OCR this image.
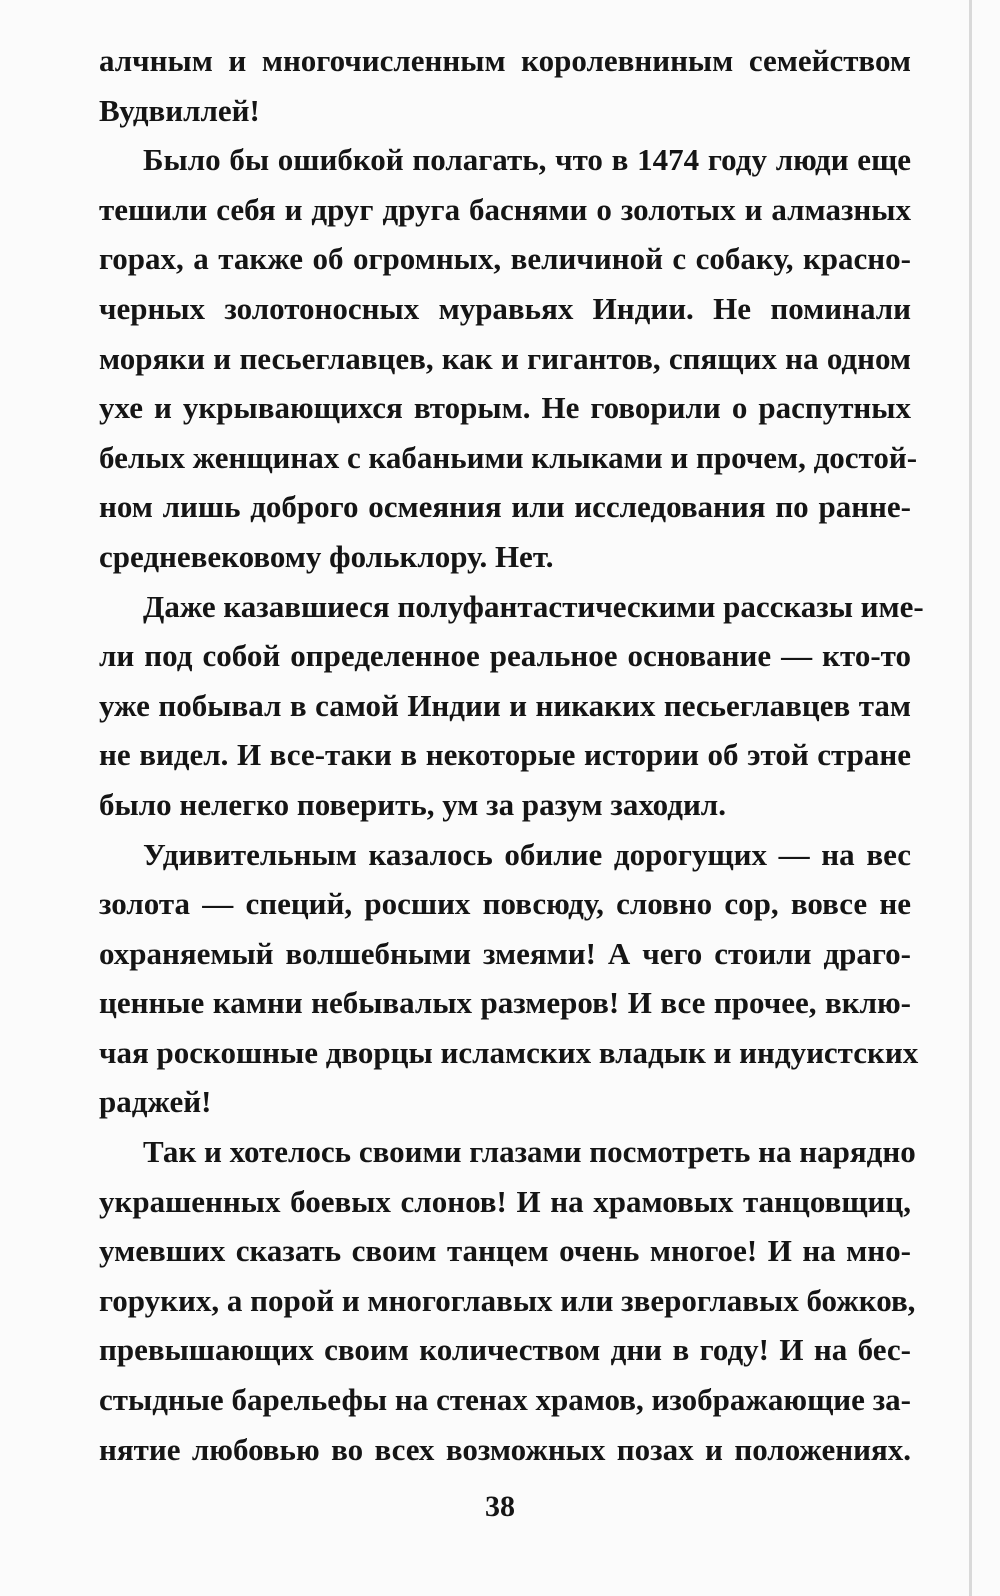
алчным и многочисленным королевниным семейством
Вудвиллей!
Было бы ошибкой полагать, что в 1474 году люди еще
тешили себя и друг друга баснями о золотых и алмазных
горах, а также об огромных, величиной с собаку, красно-
черных золотоносных муравьях Индии. Не поминали
моряки и песьеглавцев, как и гигантов, спящих на одном
ухе и укрывающихся вторым. Не говорили о распутных
белых женщинах с кабаньими клыками и прочем, достой-
ном лишь доброго осмеяния или исследования по ранне-
средневековому фольклору. Нет.
Даже казавшиеся полуфантастическими рассказы име-
ли под собой определенное реальное основание — кто-то
уже побывал в самой Индии и никаких песьеглавцев там
не видел. И все-таки в некоторые истории об этой стране
было нелегко поверить, ум за разум заходил.
Удивительным казалось обилие дорогущих — на вес
золота — специй, росших повсюду, словно сор, вовсе не
охраняемый волшебными змеями! А чего стоили драго-
ценные камни небывалых размеров! И все прочее, вклю-
чая роскошные дворцы исламских владык и индуистских
раджей!
Так и хотелось своими глазами посмотреть на нарядно
украшенных боевых слонов! И на храмовых танцовщиц,
умевших сказать своим танцем очень многое! И на мно-
горуких, а порой и многоглавых или звероглавых божков,
превышающих своим количеством дни в году! И на бес-
стыдные барельефы на стенах храмов, изображающие за-
нятие любовью во всех возможных позах и положениях.
38
